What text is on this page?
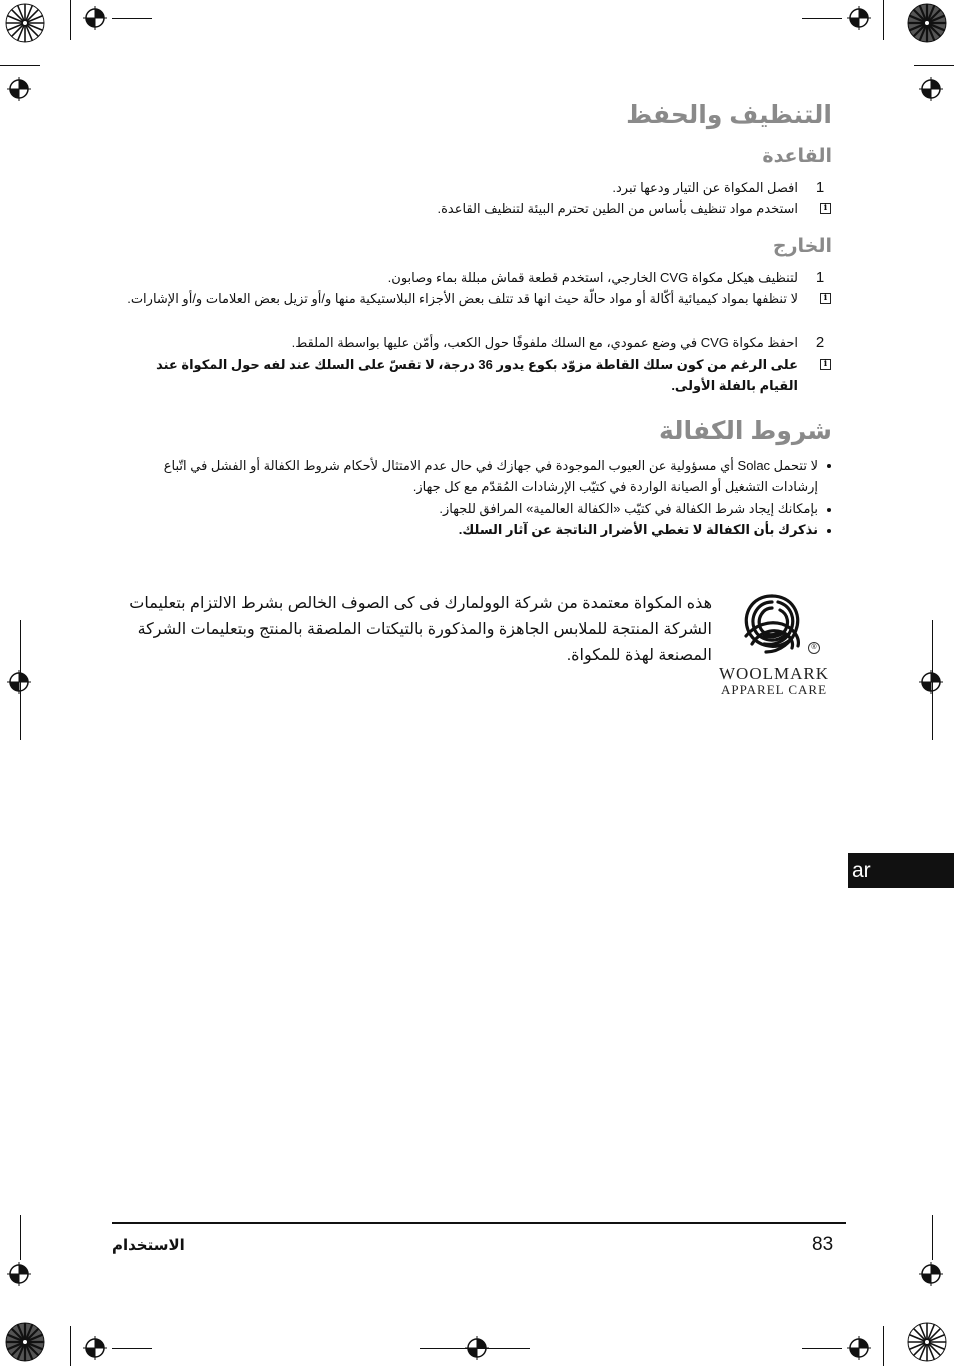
التنظيف والحفظ
القاعدة
1
افصل المكواة عن التيار ودعها تبرد.
i
استخدم مواد تنظيف بأساس من الطين تحترم البيئة لتنظيف القاعدة.
الخارج
1
لتنظيف هيكل مكواة CVG الخارجي، استخدم قطعة قماش مبللة بماء وصابون.
i
لا تنظفها بمواد كيميائية أكّالة أو مواد حالّة حيث انها قد تتلف بعض الأجزاء البلاستيكية منها و/أو تزيل بعض العلامات و/أو الإشارات.
2
احفظ مكواة CVG في وضع عمودي، مع السلك ملفوفًا حول الكعب، وأمّن عليها بواسطة الملقط.
i
على الرغم من كون سلك القاطة مزوّد بكوع يدور 36 درجة، لا تقسّ على السلك عند لفه حول المكواة عند القيام بالفلة الأولى.
شروط الكفالة
لا تتحمل Solac أي مسؤولية عن العيوب الموجودة في جهازك في حال عدم الامتثال لأحكام شروط الكفالة أو الفشل في اتّباع إرشادات التشغيل أو الصيانة الواردة في كتيّب الإرشادات المُقدّم مع كل جهاز.
بإمكانك إيجاد شرط الكفالة في كتيّب «الكفالة العالمية» المرافق للجهاز.
نذكرك بأن الكفالة لا تغطي الأضرار الناتجة عن آثار السلك.
®
WOOLMARK
APPAREL CARE
هذه المكواة معتمدة من شركة الوولمارك فى كى الصوف الخالص بشرط الالتزام بتعليمات الشركة المنتجة للملابس الجاهزة والمذكورة بالتيكتات الملصقة بالمنتج وبتعليمات الشركة المصنعة لهذة للمكواة.
ar
83
الاستخدام
